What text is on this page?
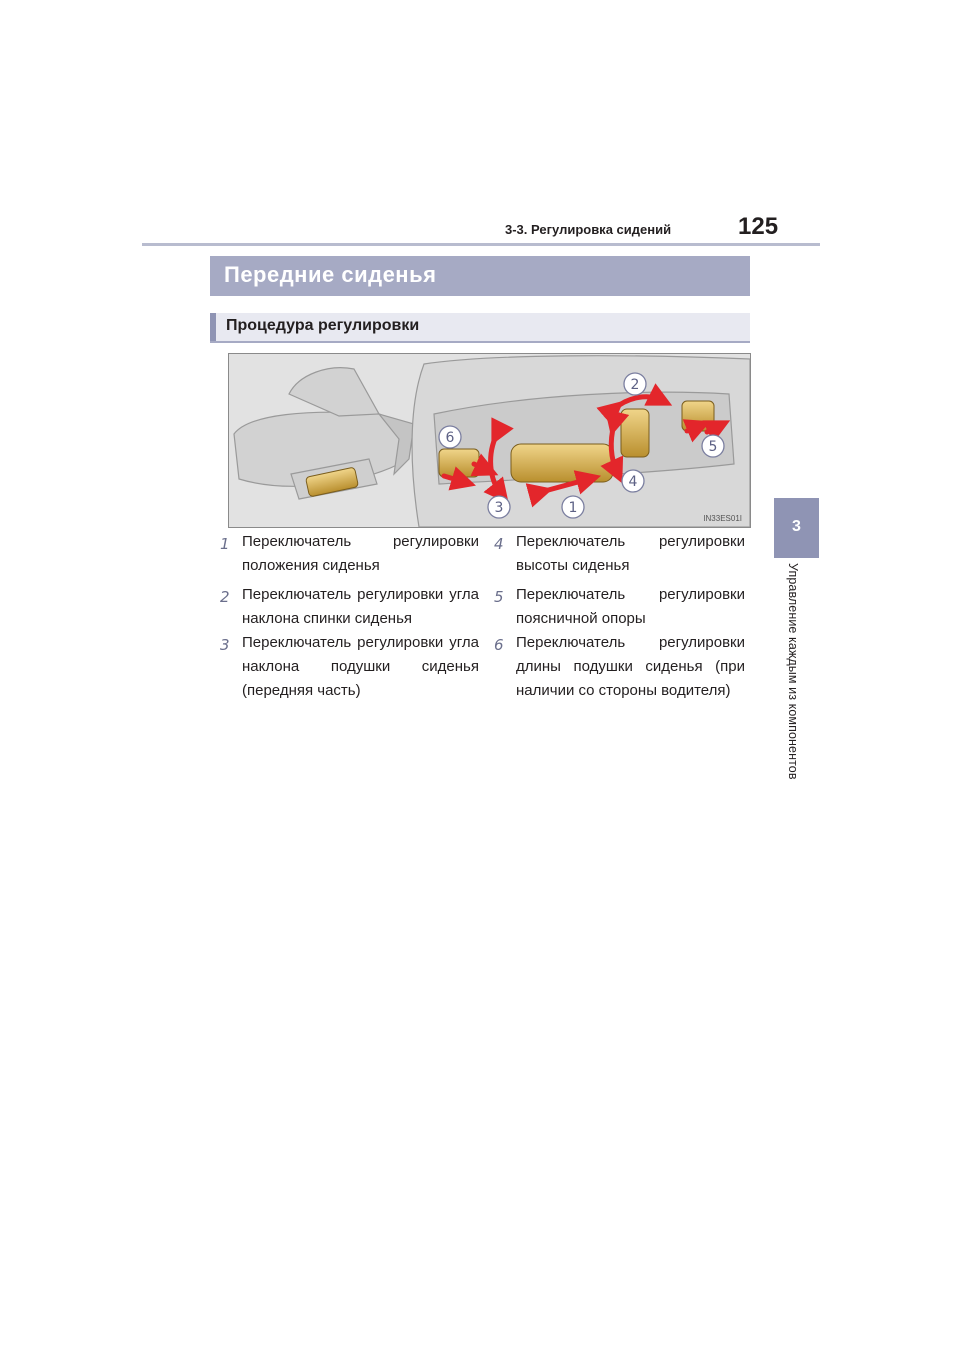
3-3. Регулировка сидений	125
3
Управление каждым из компонентов
Передние сиденья
Процедура регулировки
1
2
3
4
5
6
IN33ES01I
1 Переключатель регулировки положения сиденья
2 Переключатель регулировки угла наклона спинки сиденья
3 Переключатель регулировки угла наклона подушки сиденья (передняя часть)
4 Переключатель регулировки высоты сиденья
5 Переключатель регулировки поясничной опоры
6 Переключатель регулировки длины подушки сиденья (при наличии со стороны водителя)
